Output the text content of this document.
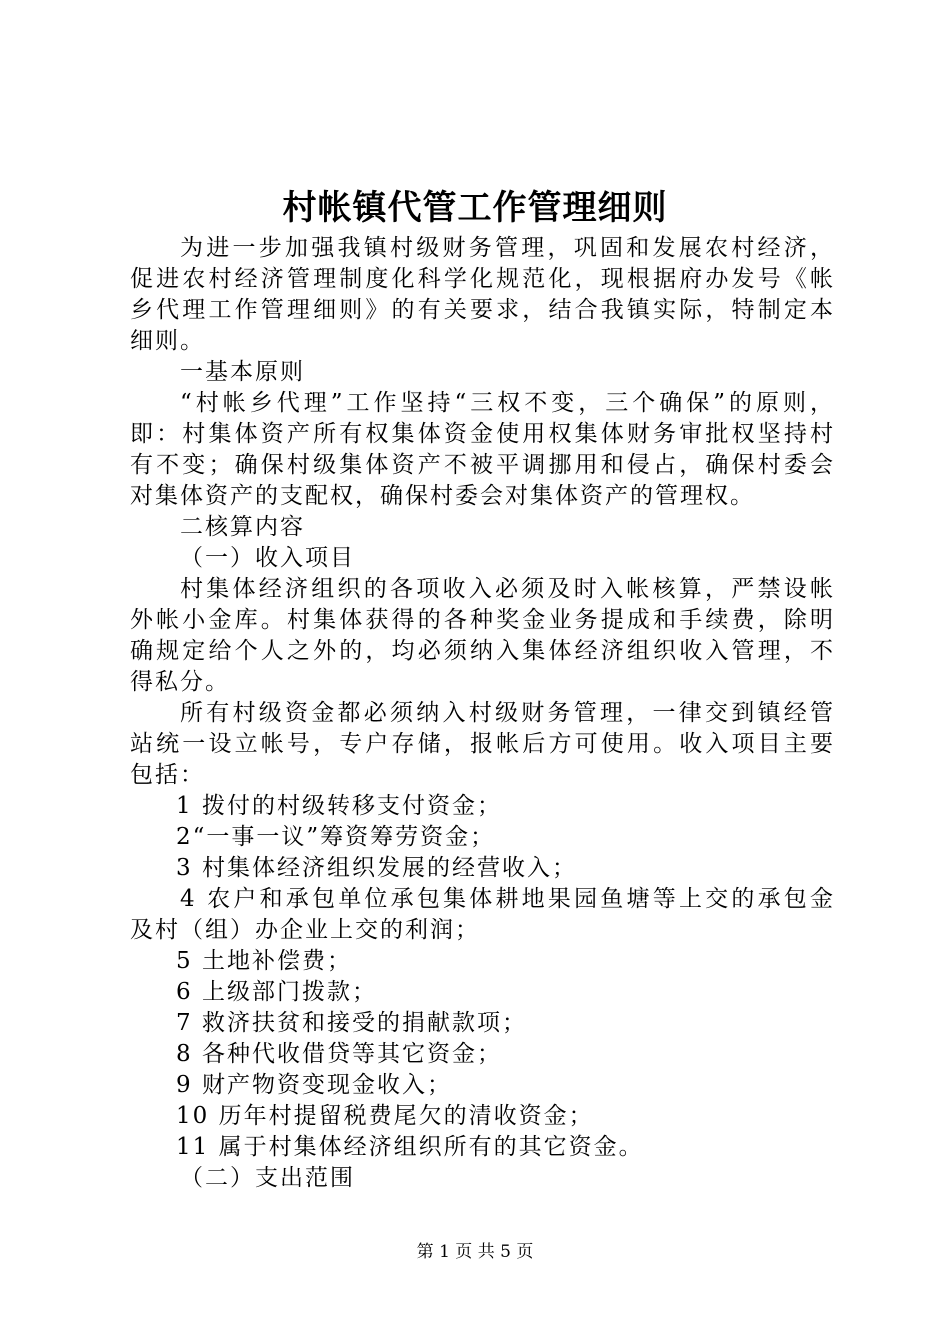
村帐镇代管工作管理细则
为进一步加强我镇村级财务管理，巩固和发展农村经济，
促进农村经济管理制度化科学化规范化，现根据府办发号《帐
乡代理工作管理细则》的有关要求，结合我镇实际，特制定本
细则。
一基本原则
“村帐乡代理”工作坚持“三权不变，三个确保”的原则，
即：村集体资产所有权集体资金使用权集体财务审批权坚持村
有不变；确保村级集体资产不被平调挪用和侵占，确保村委会
对集体资产的支配权，确保村委会对集体资产的管理权。
二核算内容
（一）收入项目
村集体经济组织的各项收入必须及时入帐核算，严禁设帐
外帐小金库。村集体获得的各种奖金业务提成和手续费，除明
确规定给个人之外的，均必须纳入集体经济组织收入管理，不
得私分。
所有村级资金都必须纳入村级财务管理，一律交到镇经管
站统一设立帐号，专户存储，报帐后方可使用。收入项目主要
包括：
1 拨付的村级转移支付资金；
2“一事一议”筹资筹劳资金；
3 村集体经济组织发展的经营收入；
4 农户和承包单位承包集体耕地果园鱼塘等上交的承包金
及村（组）办企业上交的利润；
5 土地补偿费；
6 上级部门拨款；
7 救济扶贫和接受的捐献款项；
8 各种代收借贷等其它资金；
9 财产物资变现金收入；
10 历年村提留税费尾欠的清收资金；
11 属于村集体经济组织所有的其它资金。
（二）支出范围
第 1 页 共 5 页
